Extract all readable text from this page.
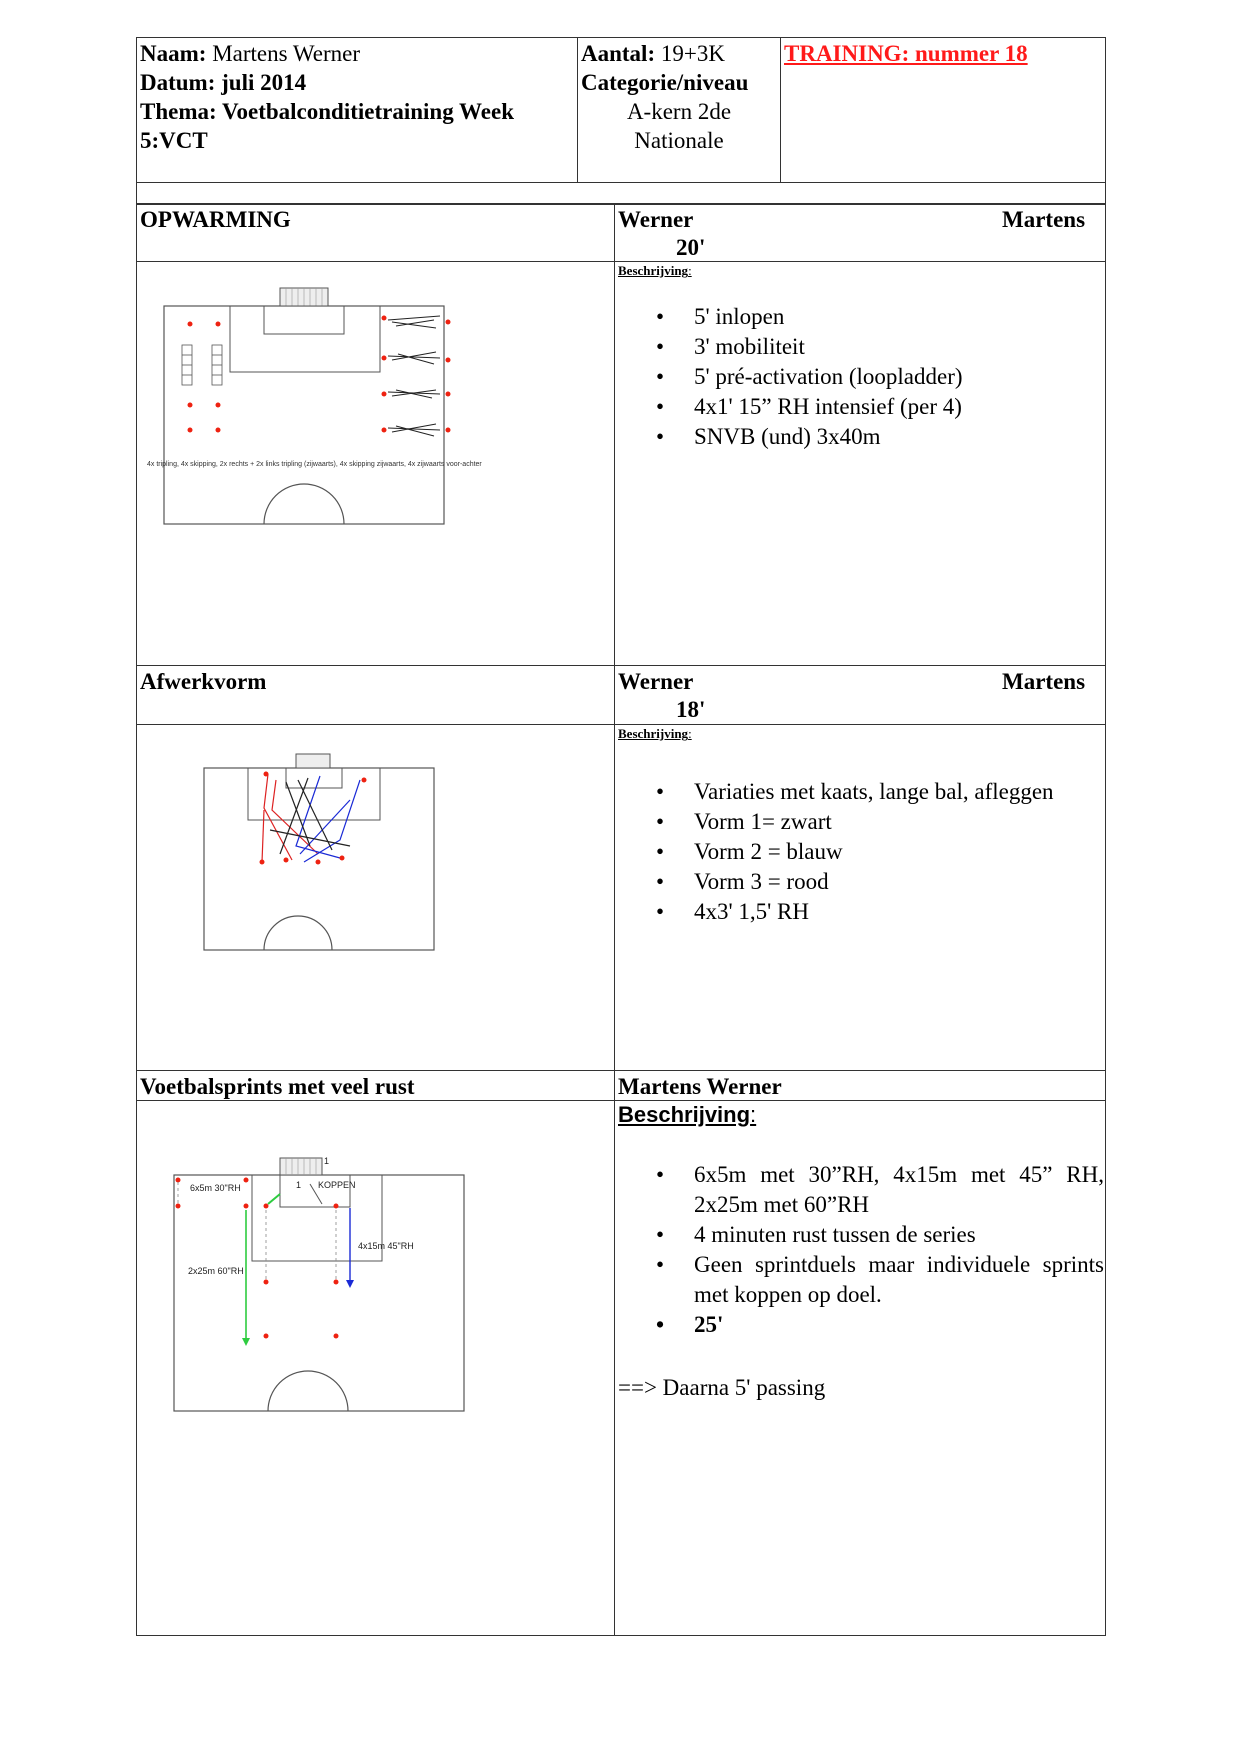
Naam: Martens Werner
Datum: juli 2014
Thema: Voetbalconditietraining Week
5:VCT
Aantal: 19+3K
Categorie/niveau
A-kern 2de
Nationale
TRAINING: nummer 18
OPWARMING	Werner	Martens
20'
Beschrijving:
• 5' inlopen
• 3' mobiliteit
• 5' pré-activation (loopladder)
• 4x1' 15” RH intensief (per 4)
• SNVB (und) 3x40m
4x tripling, 4x skipping, 2x rechts + 2x links tripling (zijwaarts), 4x skipping zijwaarts, 4x zijwaarts voor-achter
Afwerkvorm	Werner	Martens
18'
Beschrijving:
• Variaties met kaats, lange bal, afleggen
• Vorm 1= zwart
• Vorm 2 = blauw
• Vorm 3 = rood
• 4x3' 1,5' RH
Voetbalsprints met veel rust	Martens Werner
Beschrijving:
• 6x5m met 30”RH, 4x15m met 45” RH, 2x25m met 60”RH
• 4 minuten rust tussen de series
• Geen sprintduels maar individuele sprints met koppen op doel.
• 25'
==> Daarna 5' passing
6x5m 30"RH	KOPPEN
4x15m 45"RH
2x25m 60"RH
1
1
